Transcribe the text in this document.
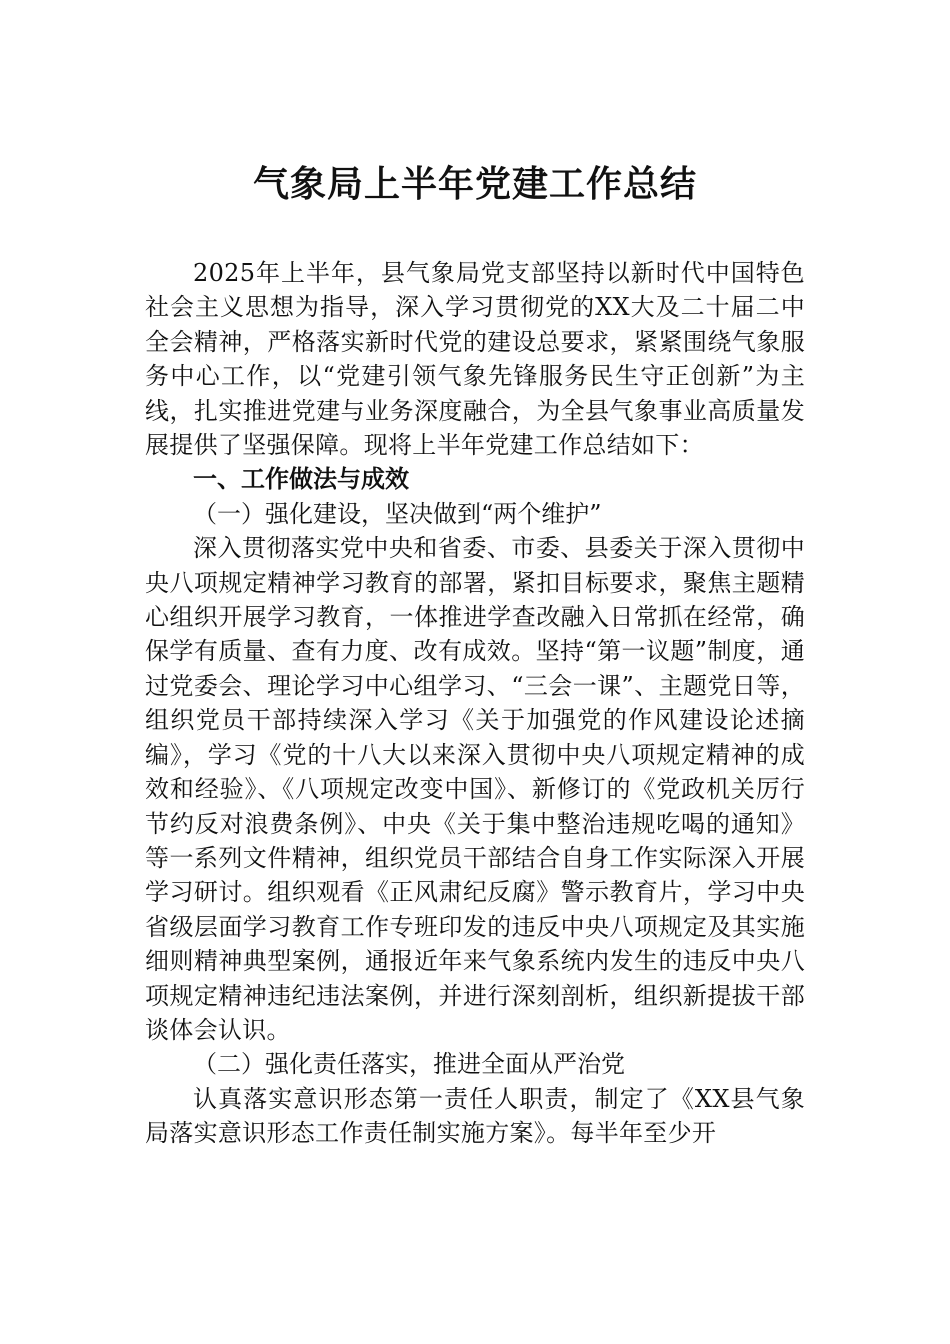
气象局上半年党建工作总结

2025年上半年，县气象局党支部坚持以新时代中国特色社会主义思想为指导，深入学习贯彻党的XX大及二十届二中全会精神，严格落实新时代党的建设总要求，紧紧围绕气象服务中心工作，以“党建引领气象先锋服务民生守正创新”为主线，扎实推进党建与业务深度融合，为全县气象事业高质量发展提供了坚强保障。现将上半年党建工作总结如下：

一、工作做法与成效

（一）强化建设，坚决做到“两个维护”

深入贯彻落实党中央和省委、市委、县委关于深入贯彻中央八项规定精神学习教育的部署，紧扣目标要求，聚焦主题精心组织开展学习教育，一体推进学查改融入日常抓在经常，确保学有质量、查有力度、改有成效。坚持“第一议题”制度，通过党委会、理论学习中心组学习、“三会一课”、主题党日等，组织党员干部持续深入学习《关于加强党的作风建设论述摘编》，学习《党的十八大以来深入贯彻中央八项规定精神的成效和经验》、《八项规定改变中国》、新修订的《党政机关厉行节约反对浪费条例》、中央《关于集中整治违规吃喝的通知》等一系列文件精神，组织党员干部结合自身工作实际深入开展学习研讨。组织观看《正风肃纪反腐》警示教育片，学习中央省级层面学习教育工作专班印发的违反中央八项规定及其实施细则精神典型案例，通报近年来气象系统内发生的违反中央八项规定精神违纪违法案例，并进行深刻剖析，组织新提拔干部谈体会认识。

（二）强化责任落实，推进全面从严治党

认真落实意识形态第一责任人职责，制定了《XX县气象局落实意识形态工作责任制实施方案》。每半年至少开
